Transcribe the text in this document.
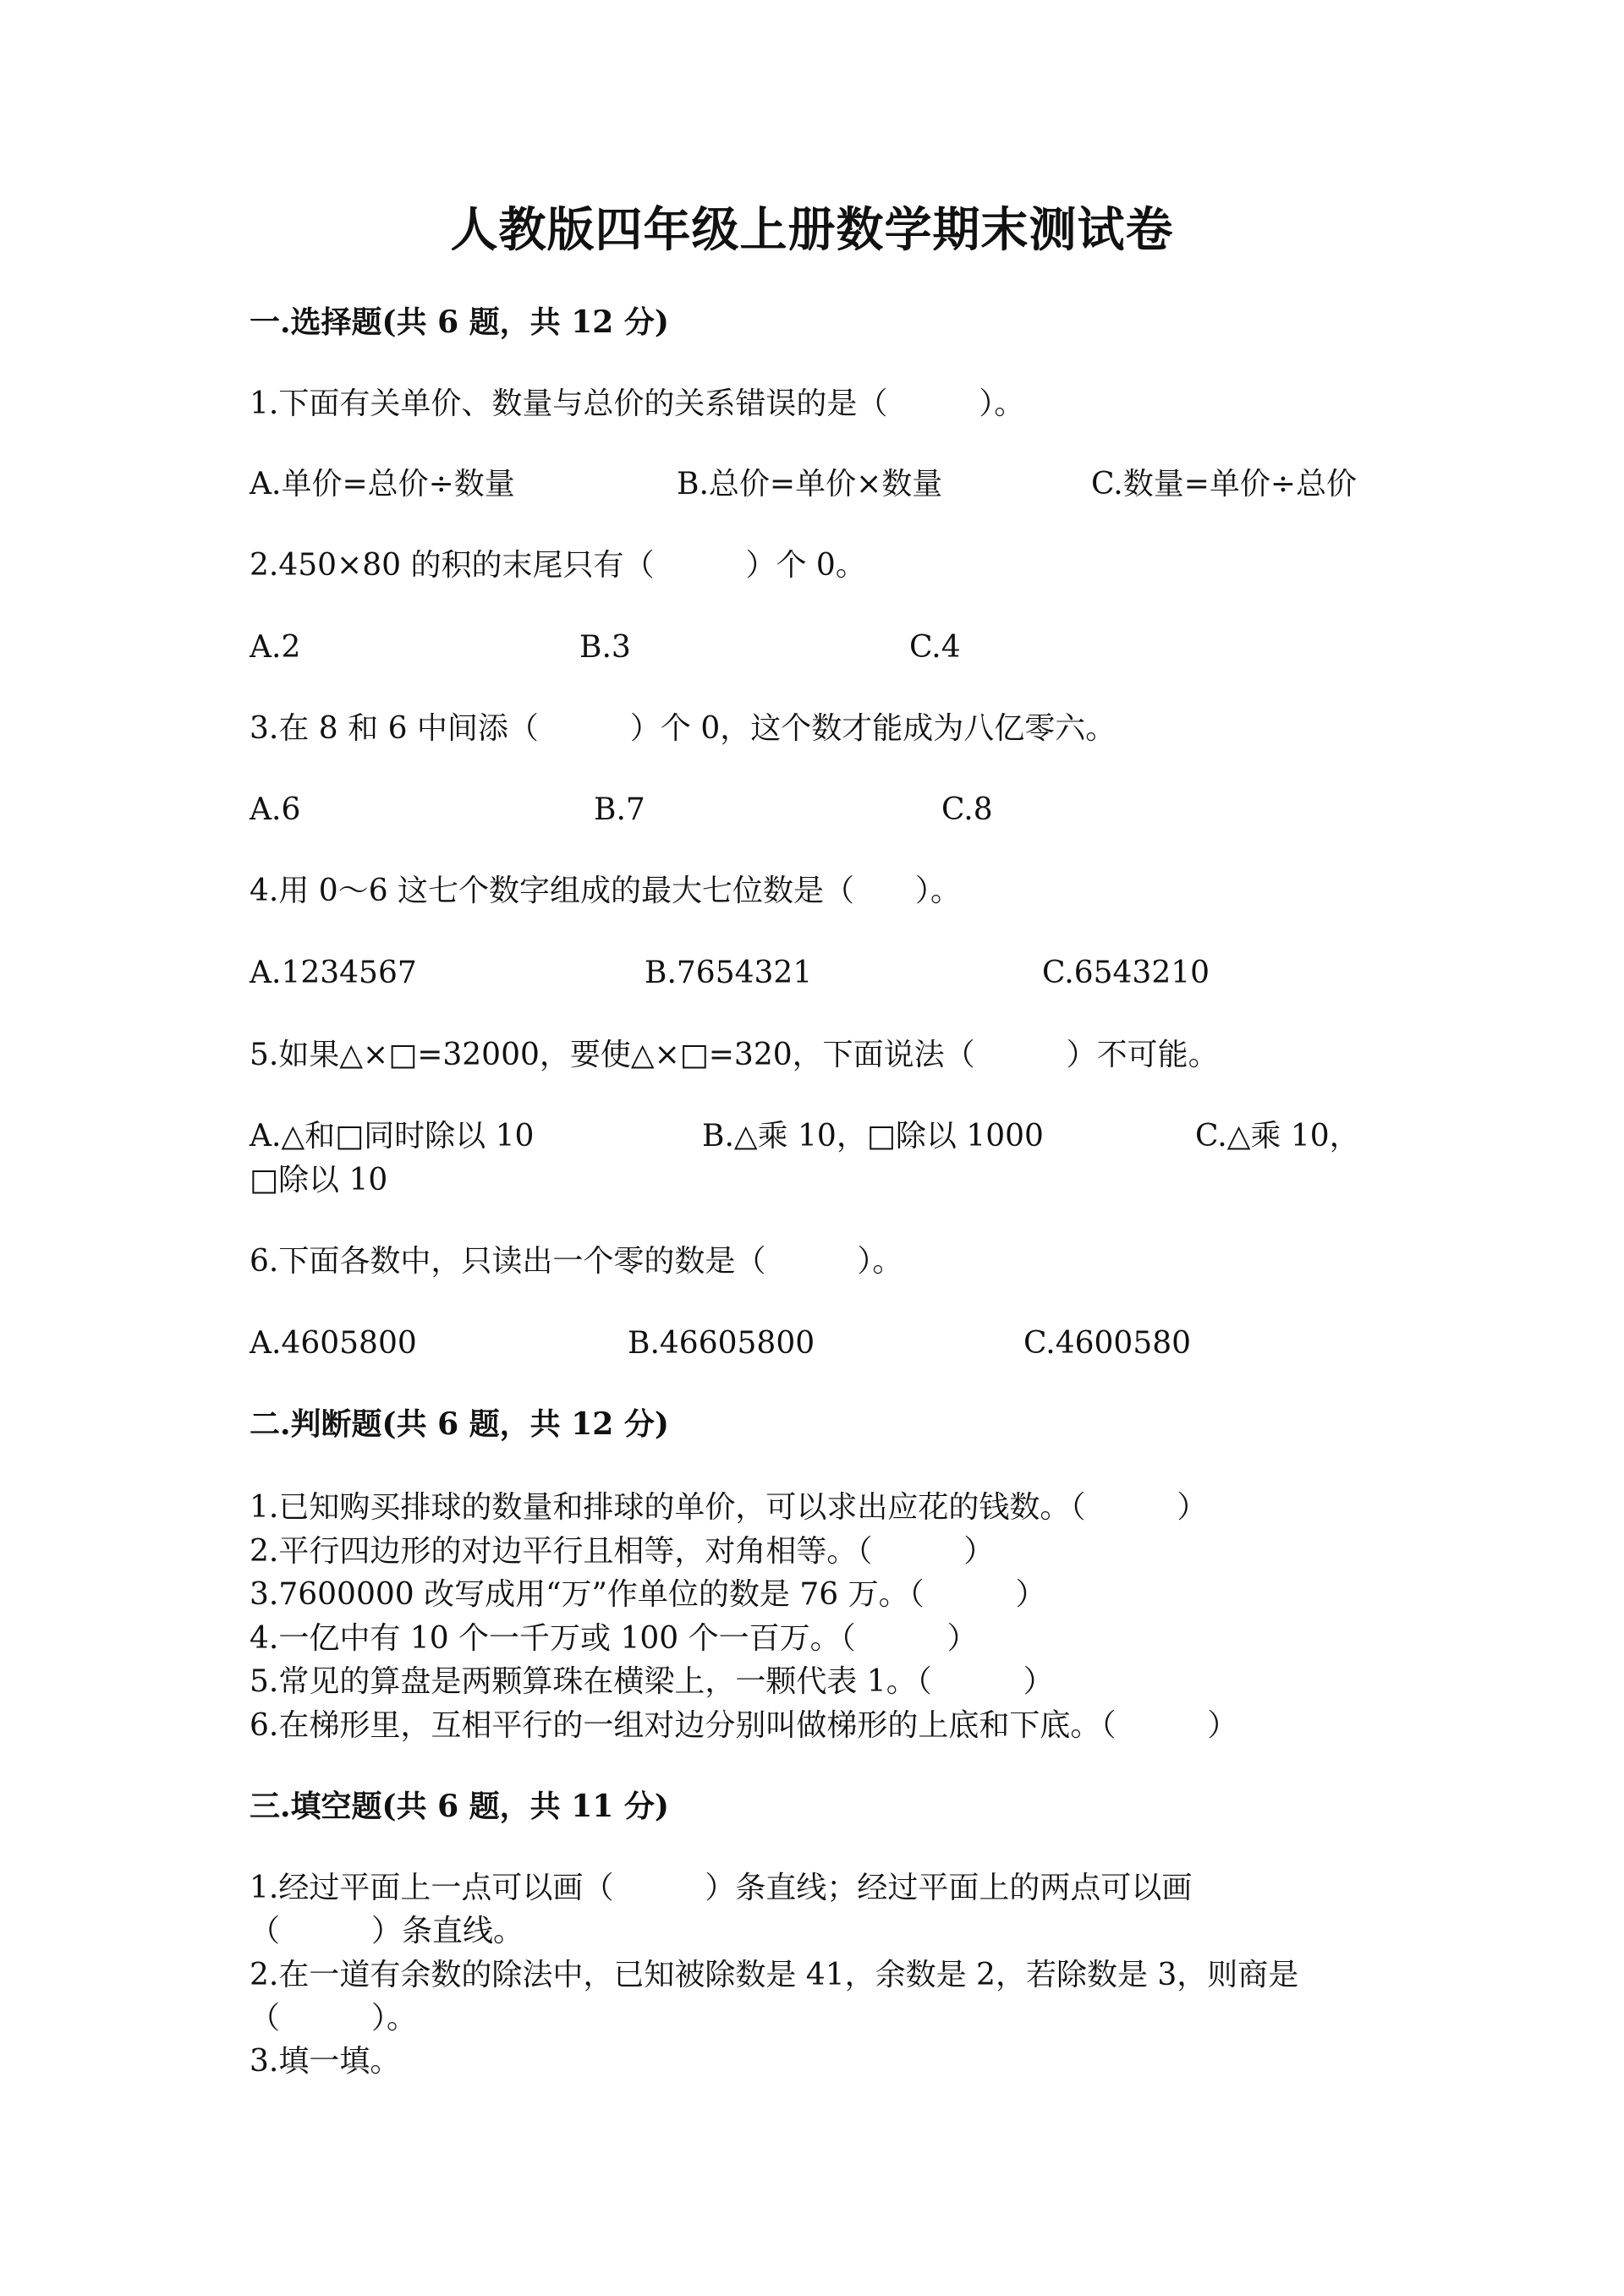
人教版四年级上册数学期末测试卷
一.选择题(共 6 题，共 12 分)
1.下面有关单价、数量与总价的关系错误的是（　　　）。
A.单价=总价÷数量	B.总价=单价×数量	C.数量=单价÷总价
2.450×80 的积的末尾只有（　　　）个 0。
A.2	B.3	C.4
3.在 8 和 6 中间添（　　　）个 0，这个数才能成为八亿零六。
A.6	B.7	C.8
4.用 0～6 这七个数字组成的最大七位数是（　　）。
A.1234567	B.7654321	C.6543210
5.如果△×□=32000，要使△×□=320，下面说法（　　　）不可能。
A.△和□同时除以 10	B.△乘 10，□除以 1000	C.△乘 10，
□除以 10
6.下面各数中，只读出一个零的数是（　　　）。
A.4605800	B.46605800	C.4600580
二.判断题(共 6 题，共 12 分)
1.已知购买排球的数量和排球的单价，可以求出应花的钱数。（　　　）
2.平行四边形的对边平行且相等，对角相等。（　　　）
3.7600000 改写成用“万”作单位的数是 76 万。（　　　）
4.一亿中有 10 个一千万或 100 个一百万。（　　　）
5.常见的算盘是两颗算珠在横梁上，一颗代表 1。（　　　）
6.在梯形里，互相平行的一组对边分别叫做梯形的上底和下底。（　　　）
三.填空题(共 6 题，共 11 分)
1.经过平面上一点可以画（　　　）条直线；经过平面上的两点可以画
（　　　）条直线。
2.在一道有余数的除法中，已知被除数是 41，余数是 2，若除数是 3，则商是
（　　　）。
3.填一填。
